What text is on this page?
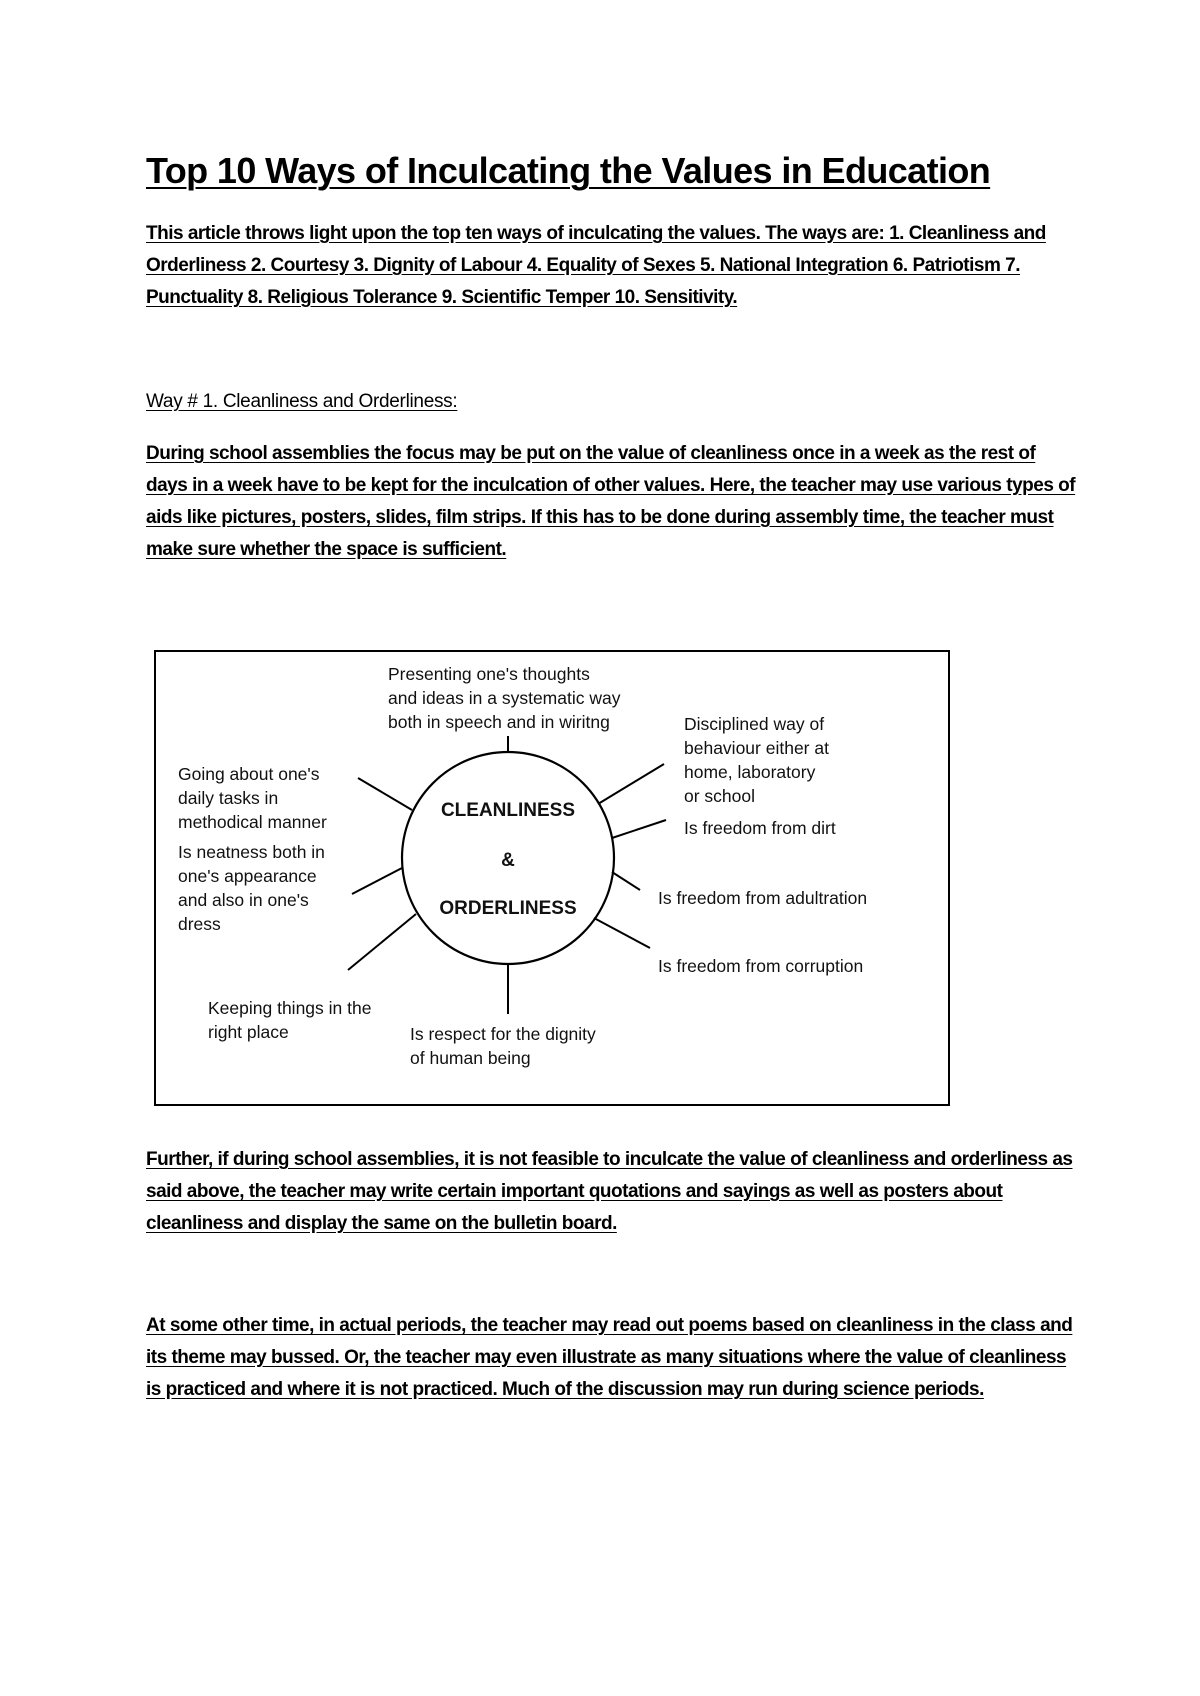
Top 10 Ways of Inculcating the Values in Education

This article throws light upon the top ten ways of inculcating the values. The ways are: 1. Cleanliness and Orderliness 2. Courtesy 3. Dignity of Labour 4. Equality of Sexes 5. National Integration 6. Patriotism 7. Punctuality 8. Religious Tolerance 9. Scientific Temper 10. Sensitivity.

Way # 1. Cleanliness and Orderliness:

During school assemblies the focus may be put on the value of cleanliness once in a week as the rest of days in a week have to be kept for the inculcation of other values. Here, the teacher may use various types of aids like pictures, posters, slides, film strips. If this has to be done during assembly time, the teacher must make sure whether the space is sufficient.

CLEANLINESS
&
ORDERLINESS
Presenting one's thoughts
and ideas in a systematic way
both in speech and in wiritng	Disciplined way of
behaviour either at
home, laboratory
or school
Is freedom from dirt
Is freedom from adultration
Is freedom from corruption
Is respect for the dignity
of human being
Keeping things in the
right place
Is neatness both in
one's appearance
and also in one's
dress
Going about one's
daily tasks in
methodical manner

Further, if during school assemblies, it is not feasible to inculcate the value of cleanliness and orderliness as said above, the teacher may write certain important quotations and sayings as well as posters about cleanliness and display the same on the bulletin board.

At some other time, in actual periods, the teacher may read out poems based on cleanliness in the class and its theme may bussed. Or, the teacher may even illustrate as many situations where the value of cleanliness is practiced and where it is not practiced. Much of the discussion may run during science periods.
